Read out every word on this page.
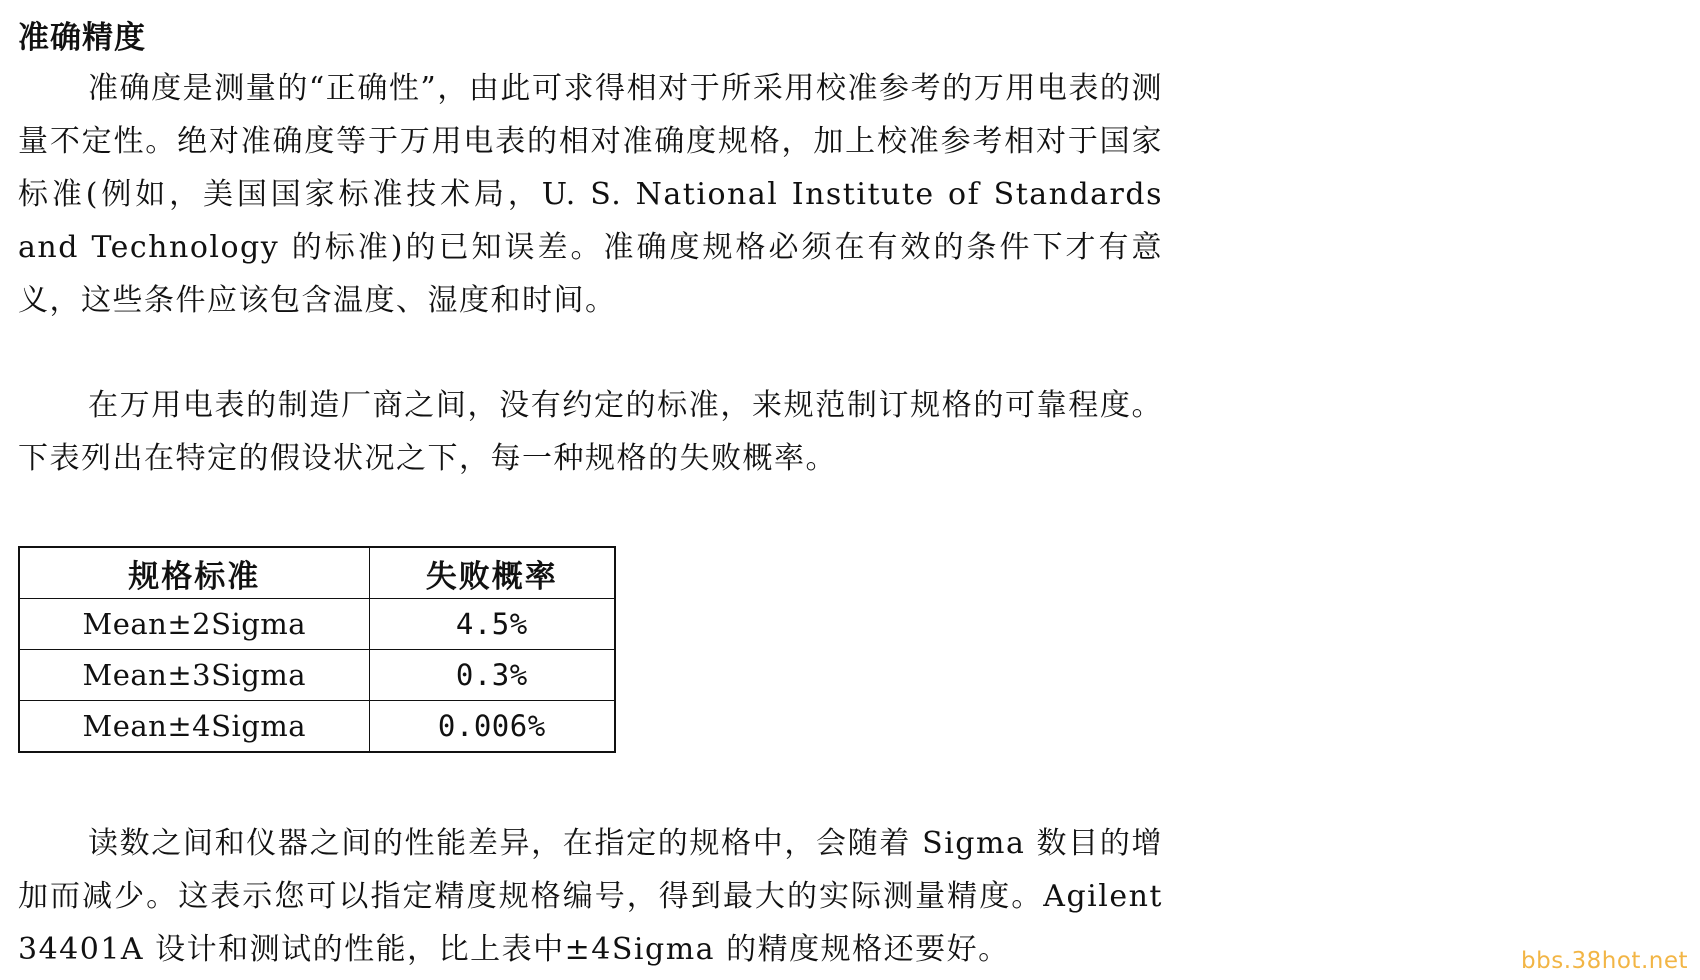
准确精度

准确度是测量的“正确性”，由此可求得相对于所采用校准参考的万用电表的测量不定性。绝对准确度等于万用电表的相对准确度规格，加上校准参考相对于国家标准(例如，美国国家标准技术局，U. S. National Institute of Standards and Technology 的标准)的已知误差。准确度规格必须在有效的条件下才有意义，这些条件应该包含温度、湿度和时间。

在万用电表的制造厂商之间，没有约定的标准，来规范制订规格的可靠程度。下表列出在特定的假设状况之下，每一种规格的失败概率。

规格标准	失败概率
Mean±2Sigma	4.5%
Mean±3Sigma	0.3%
Mean±4Sigma	0.006%

读数之间和仪器之间的性能差异，在指定的规格中，会随着 Sigma 数目的增加而减少。这表示您可以指定精度规格编号，得到最大的实际测量精度。Agilent 34401A 设计和测试的性能，比上表中±4Sigma 的精度规格还要好。	bbs.38hot.net
